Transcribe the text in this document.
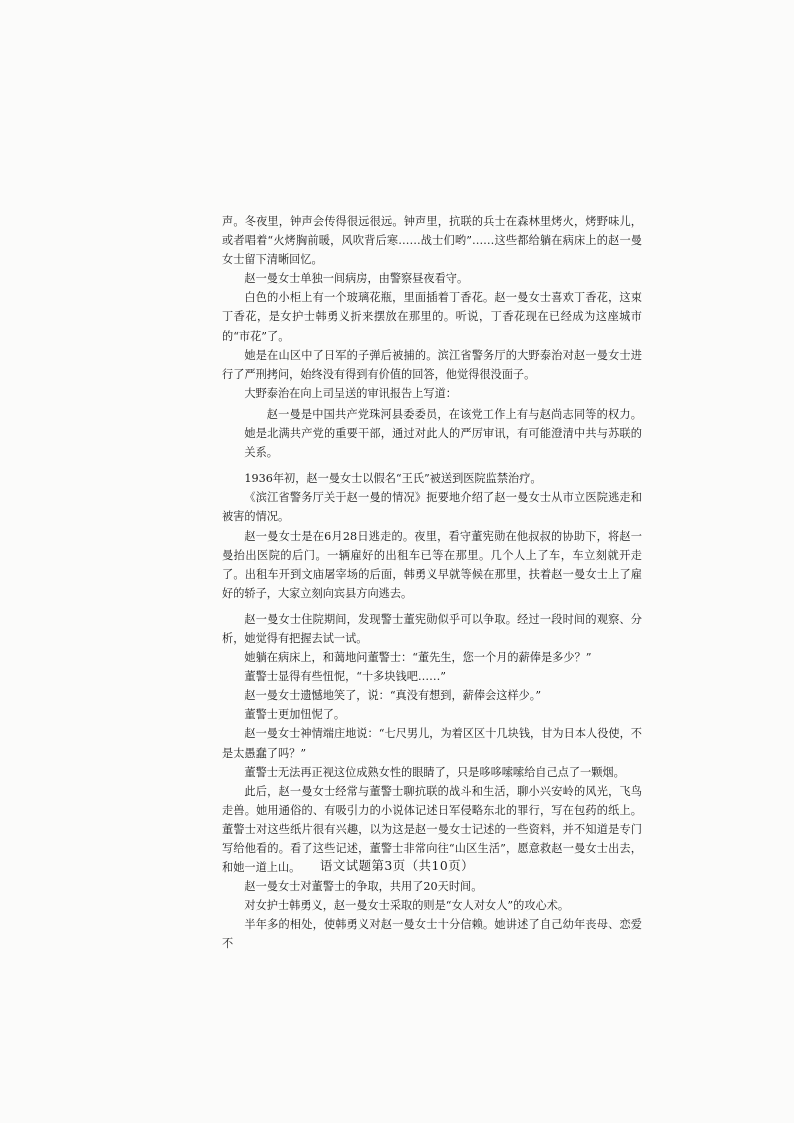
声。冬夜里，钟声会传得很远很远。钟声里，抗联的兵士在森林里烤火，烤野味儿，或者唱着“火烤胸前暖，风吹背后寒……战士们哟”……这些都给躺在病床上的赵一曼女士留下清晰回忆。

赵一曼女士单独一间病房，由警察昼夜看守。

白色的小柜上有一个玻璃花瓶，里面插着丁香花。赵一曼女士喜欢丁香花，这束丁香花，是女护士韩勇义折来摆放在那里的。听说，丁香花现在已经成为这座城市的“市花”了。

她是在山区中了日军的子弹后被捕的。滨江省警务厅的大野泰治对赵一曼女士进行了严刑拷问，始终没有得到有价值的回答，他觉得很没面子。

大野泰治在向上司呈送的审讯报告上写道：

赵一曼是中国共产党珠河县委委员，在该党工作上有与赵尚志同等的权力。她是北满共产党的重要干部，通过对此人的严厉审讯，有可能澄清中共与苏联的关系。

1936年初，赵一曼女士以假名“王氏”被送到医院监禁治疗。

《滨江省警务厅关于赵一曼的情况》扼要地介绍了赵一曼女士从市立医院逃走和被害的情况。

赵一曼女士是在6月28日逃走的。夜里，看守董宪勋在他叔叔的协助下，将赵一曼抬出医院的后门。一辆雇好的出租车已等在那里。几个人上了车，车立刻就开走了。出租车开到文庙屠宰场的后面，韩勇义早就等候在那里，扶着赵一曼女士上了雇好的轿子，大家立刻向宾县方向逃去。

赵一曼女士住院期间，发现警士董宪勋似乎可以争取。经过一段时间的观察、分析，她觉得有把握去试一试。

她躺在病床上，和蔼地问董警士：“董先生，您一个月的薪俸是多少？”

董警士显得有些忸怩，“十多块钱吧……”

赵一曼女士遗憾地笑了，说：“真没有想到，薪俸会这样少。”

董警士更加忸怩了。

赵一曼女士神情端庄地说：“七尺男儿，为着区区十几块钱，甘为日本人役使，不是太愚蠢了吗？”

董警士无法再正视这位成熟女性的眼睛了，只是哆哆嗦嗦给自己点了一颗烟。

此后，赵一曼女士经常与董警士聊抗联的战斗和生活，聊小兴安岭的风光，飞鸟走兽。她用通俗的、有吸引力的小说体记述日军侵略东北的罪行，写在包药的纸上。董警士对这些纸片很有兴趣，以为这是赵一曼女士记述的一些资料，并不知道是专门写给他看的。看了这些记述，董警士非常向往“山区生活”，愿意救赵一曼女士出去，和她一道上山。

赵一曼女士对董警士的争取，共用了20天时间。

对女护士韩勇义，赵一曼女士采取的则是“女人对女人”的攻心术。

半年多的相处，使韩勇义对赵一曼女士十分信赖。她讲述了自己幼年丧母、恋爱不

语文试题第3页（共10页）
